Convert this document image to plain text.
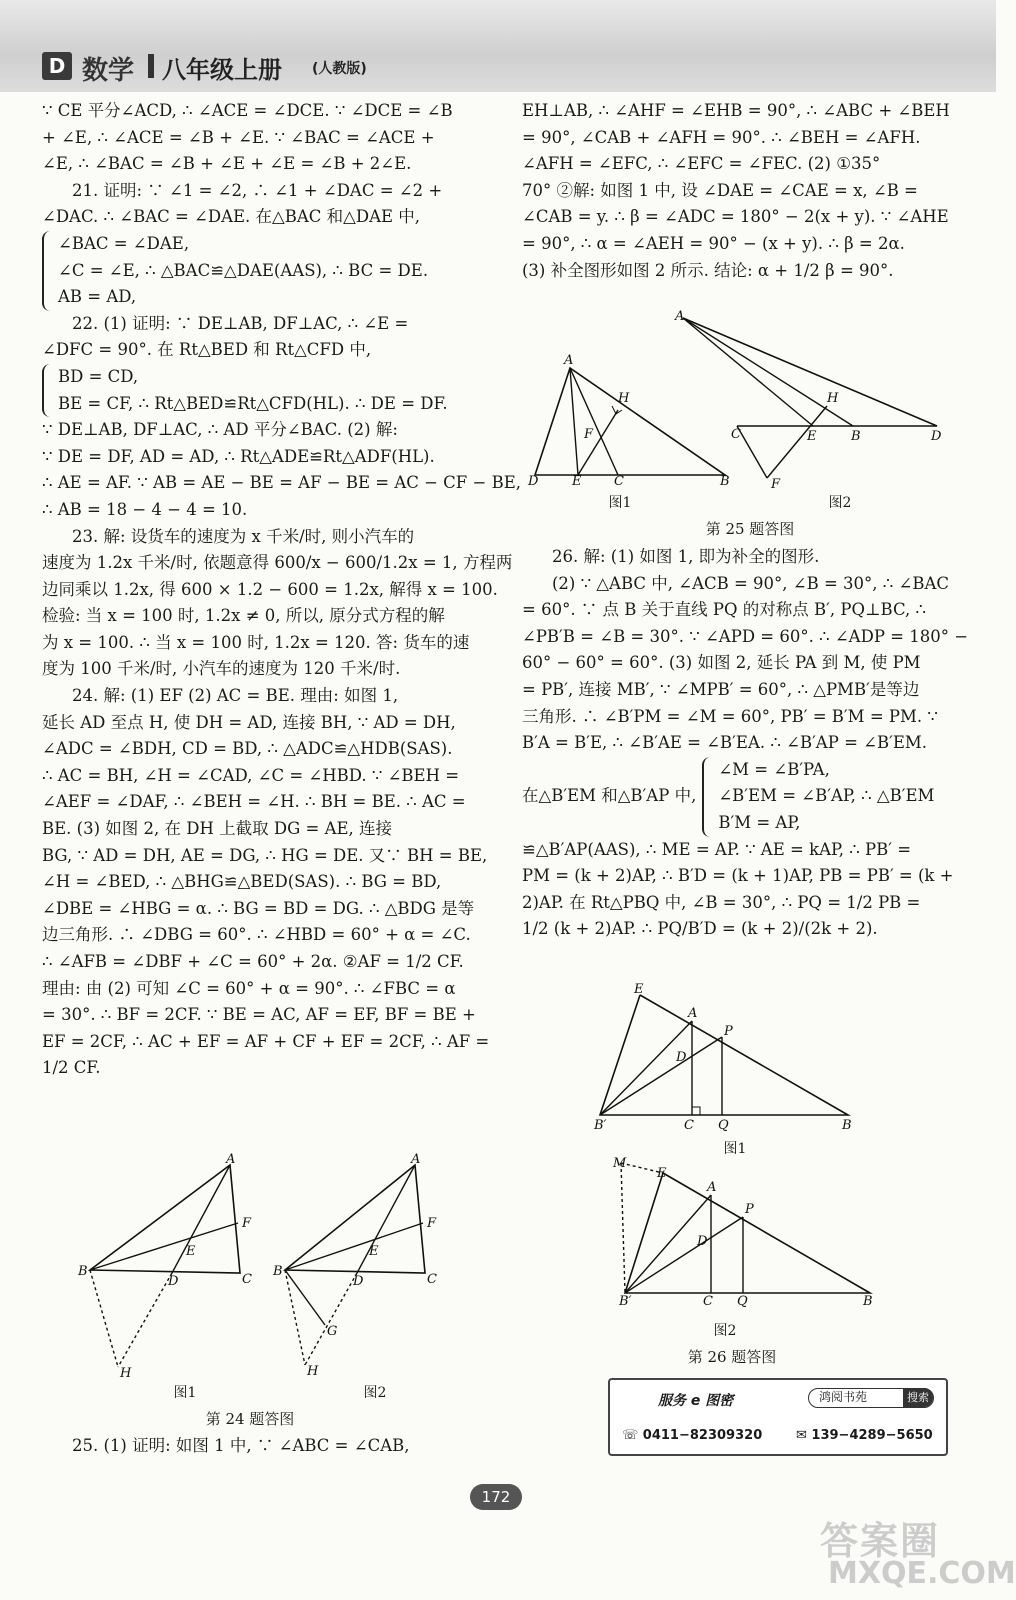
D 数学 八年级上册 (人教版)
∵ CE 平分∠ACD, ∴ ∠ACE = ∠DCE. ∵ ∠DCE = ∠B
+ ∠E, ∴ ∠ACE = ∠B + ∠E. ∵ ∠BAC = ∠ACE +
∠E, ∴ ∠BAC = ∠B + ∠E + ∠E = ∠B + 2∠E.
21. 证明: ∵ ∠1 = ∠2, ∴ ∠1 + ∠DAC = ∠2 +
∠DAC. ∴ ∠BAC = ∠DAE. 在△BAC 和△DAE 中,
∠BAC = ∠DAE,
∠C = ∠E, ∴ △BAC≌△DAE(AAS), ∴ BC = DE.
AB = AD,
22. (1) 证明: ∵ DE⊥AB, DF⊥AC, ∴ ∠E =
∠DFC = 90°. 在 Rt△BED 和 Rt△CFD 中,
BD = CD,
BE = CF, ∴ Rt△BED≌Rt△CFD(HL). ∴ DE = DF.
∵ DE⊥AB, DF⊥AC, ∴ AD 平分∠BAC. (2) 解:
∵ DE = DF, AD = AD, ∴ Rt△ADE≌Rt△ADF(HL).
∴ AE = AF. ∵ AB = AE − BE = AF − BE = AC − CF − BE,
∴ AB = 18 − 4 − 4 = 10.
23. 解: 设货车的速度为 x 千米/时, 则小汽车的
速度为 1.2x 千米/时, 依题意得 600/x − 600/1.2x = 1, 方程两
边同乘以 1.2x, 得 600 × 1.2 − 600 = 1.2x, 解得 x = 100.
检验: 当 x = 100 时, 1.2x ≠ 0, 所以, 原分式方程的解
为 x = 100. ∴ 当 x = 100 时, 1.2x = 120. 答: 货车的速
度为 100 千米/时, 小汽车的速度为 120 千米/时.
24. 解: (1) EF (2) AC = BE. 理由: 如图 1,
延长 AD 至点 H, 使 DH = AD, 连接 BH, ∵ AD = DH,
∠ADC = ∠BDH, CD = BD, ∴ △ADC≌△HDB(SAS).
∴ AC = BH, ∠H = ∠CAD, ∠C = ∠HBD. ∵ ∠BEH =
∠AEF = ∠DAF, ∴ ∠BEH = ∠H. ∴ BH = BE. ∴ AC =
BE. (3) 如图 2, 在 DH 上截取 DG = AE, 连接
BG, ∵ AD = DH, AE = DG, ∴ HG = DE. 又∵ BH = BE,
∠H = ∠BED, ∴ △BHG≌△BED(SAS). ∴ BG = BD,
∠DBE = ∠HBG = α. ∴ BG = BD = DG. ∴ △BDG 是等
边三角形. ∴ ∠DBG = 60°. ∴ ∠HBD = 60° + α = ∠C.
∴ ∠AFB = ∠DBF + ∠C = 60° + 2α. ②AF = 1/2 CF.
理由: 由 (2) 可知 ∠C = 60° + α = 90°. ∴ ∠FBC = α
= 30°. ∴ BF = 2CF. ∵ BE = AC, AF = EF, BF = BE +
EF = 2CF, ∴ AC + EF = AF + CF + EF = 2CF, ∴ AF =
1/2 CF.
A
B
C
D
E
F
H
A
B
C
D
E
F
G
H
图1	图2
第 24 题答图
25. (1) 证明: 如图 1 中, ∵ ∠ABC = ∠CAB,
EH⊥AB, ∴ ∠AHF = ∠EHB = 90°, ∴ ∠ABC + ∠BEH
= 90°, ∠CAB + ∠AFH = 90°. ∴ ∠BEH = ∠AFH.
∠AFH = ∠EFC, ∴ ∠EFC = ∠FEC. (2) ①35°
70° ②解: 如图 1 中, 设 ∠DAE = ∠CAE = x, ∠B =
∠CAB = y. ∴ β = ∠ADC = 180° − 2(x + y). ∵ ∠AHE
= 90°, ∴ α = ∠AEH = 90° − (x + y). ∴ β = 2α.
(3) 补全图形如图 2 所示. 结论: α + 1/2 β = 90°.
A
D	E	C	B
H
F
A
C	E	B	D
H
F
图1	图2
第 25 题答图
26. 解: (1) 如图 1, 即为补全的图形.
(2) ∵ △ABC 中, ∠ACB = 90°, ∠B = 30°, ∴ ∠BAC
= 60°. ∵ 点 B 关于直线 PQ 的对称点 B′, PQ⊥BC, ∴
∠PB′B = ∠B = 30°. ∵ ∠APD = 60°. ∴ ∠ADP = 180° −
60° − 60° = 60°. (3) 如图 2, 延长 PA 到 M, 使 PM
= PB′, 连接 MB′, ∵ ∠MPB′ = 60°, ∴ △PMB′是等边
三角形. ∴ ∠B′PM = ∠M = 60°, PB′ = B′M = PM. ∵
B′A = B′E, ∴ ∠B′AE = ∠B′EA. ∴ ∠B′AP = ∠B′EM.
在△B′EM 和△B′AP 中,
∠M = ∠B′PA,
∠B′EM = ∠B′AP, ∴ △B′EM
B′M = AP,
≌△B′AP(AAS), ∴ ME = AP. ∵ AE = kAP, ∴ PB′ =
PM = (k + 2)AP, ∴ B′D = (k + 1)AP, PB = PB′ = (k +
2)AP. 在 Rt△PBQ 中, ∠B = 30°, ∴ PQ = 1/2 PB =
1/2 (k + 2)AP. ∴ PQ/B′D = (k + 2)/(2k + 2).
E
A
P
D
B′	C Q	B
图1
M
E
A
P
D
B′	C Q	B
图2
第 26 题答图
服务 e 图密	鸿阅书苑	搜索
☏ 0411−82309320	✉ 139−4289−5650
172
答案圈
MXQE.COM
